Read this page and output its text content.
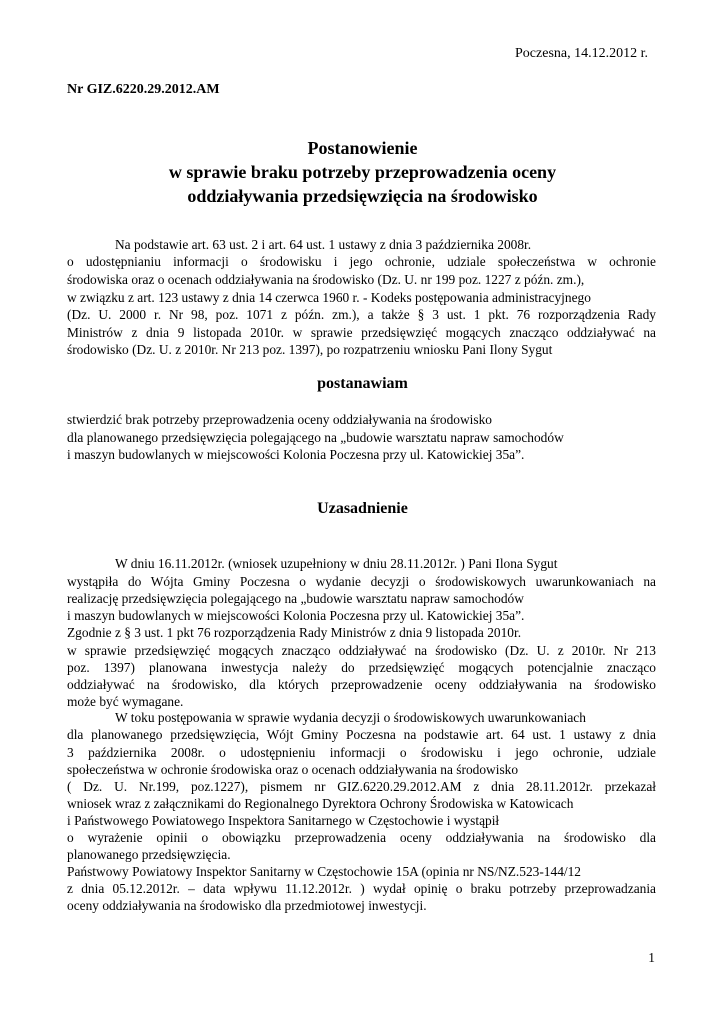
Poczesna, 14.12.2012 r.
Nr GIZ.6220.29.2012.AM
Postanowienie
w sprawie braku potrzeby przeprowadzenia oceny
oddziaływania przedsięwzięcia na środowisko
Na podstawie art. 63 ust. 2 i art. 64 ust. 1 ustawy z dnia 3 października 2008r.
o udostępnianiu informacji o środowisku i jego ochronie, udziale społeczeństwa w ochronie
środowiska oraz o ocenach oddziaływania na środowisko (Dz. U. nr 199 poz. 1227 z późn. zm.),
w związku z art. 123 ustawy z dnia 14 czerwca 1960 r. - Kodeks postępowania administracyjnego
(Dz. U. 2000 r. Nr 98, poz. 1071 z późn. zm.), a także § 3 ust. 1 pkt. 76 rozporządzenia Rady
Ministrów z dnia 9 listopada 2010r. w sprawie przedsięwzięć mogących znacząco oddziaływać na
środowisko (Dz. U. z 2010r. Nr 213 poz. 1397), po rozpatrzeniu wniosku Pani Ilony Sygut
postanawiam
stwierdzić brak potrzeby przeprowadzenia oceny oddziaływania na środowisko
dla planowanego przedsięwzięcia polegającego na „budowie warsztatu napraw samochodów
i maszyn budowlanych w miejscowości Kolonia Poczesna przy ul. Katowickiej 35a”.
Uzasadnienie
W dniu 16.11.2012r. (wniosek uzupełniony w dniu 28.11.2012r. ) Pani Ilona Sygut
wystąpiła do Wójta Gminy Poczesna o wydanie decyzji o środowiskowych uwarunkowaniach na
realizację przedsięwzięcia polegającego na „budowie warsztatu napraw samochodów
i maszyn budowlanych w miejscowości Kolonia Poczesna przy ul. Katowickiej 35a”.
Zgodnie z § 3 ust. 1 pkt 76 rozporządzenia Rady Ministrów z dnia 9 listopada 2010r.
w sprawie przedsięwzięć mogących znacząco oddziaływać na środowisko (Dz. U. z 2010r. Nr 213
poz. 1397) planowana inwestycja należy do przedsięwzięć mogących potencjalnie znacząco
oddziaływać na środowisko, dla których przeprowadzenie oceny oddziaływania na środowisko
może być wymagane.
W toku postępowania w sprawie wydania decyzji o środowiskowych uwarunkowaniach
dla planowanego przedsięwzięcia, Wójt Gminy Poczesna na podstawie art. 64 ust. 1 ustawy z dnia
3 października 2008r. o udostępnieniu informacji o środowisku i jego ochronie, udziale
społeczeństwa w ochronie środowiska oraz o ocenach oddziaływania na środowisko
( Dz. U. Nr.199, poz.1227), pismem nr GIZ.6220.29.2012.AM z dnia 28.11.2012r. przekazał
wniosek wraz z załącznikami do Regionalnego Dyrektora Ochrony Środowiska w Katowicach
i Państwowego Powiatowego Inspektora Sanitarnego w Częstochowie i wystąpił
o wyrażenie opinii o obowiązku przeprowadzenia oceny oddziaływania na środowisko dla
planowanego przedsięwzięcia.
Państwowy Powiatowy Inspektor Sanitarny w Częstochowie 15A (opinia nr NS/NZ.523-144/12
z dnia 05.12.2012r. – data wpływu 11.12.2012r. ) wydał opinię o braku potrzeby przeprowadzania
oceny oddziaływania na środowisko dla przedmiotowej inwestycji.
1
